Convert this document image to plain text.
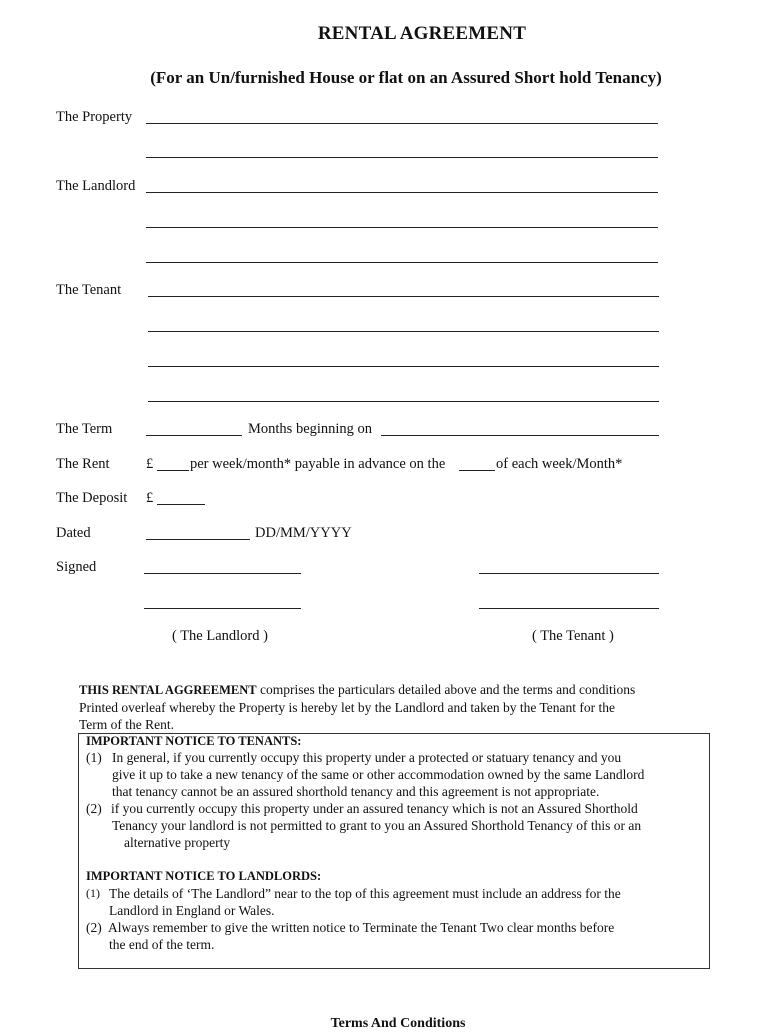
RENTAL AGREEMENT
(For an Un/furnished House or flat on an Assured Short hold Tenancy)
The Property
The Landlord
The Tenant
The Term	Months beginning on
The Rent	£	per week/month* payable in advance on the	of each week/Month*
The Deposit £
Dated	DD/MM/YYYY
Signed
( The Landlord )	( The Tenant )
THIS RENTAL AGGREEMENT comprises the particulars detailed above and the terms and conditions
Printed overleaf whereby the Property is hereby let by the Landlord and taken by the Tenant for the
Term of the Rent.
IMPORTANT NOTICE TO TENANTS:
(1) In general, if you currently occupy this property under a protected or statuary tenancy and you
give it up to take a new tenancy of the same or other accommodation owned by the same Landlord
that tenancy cannot be an assured shorthold tenancy and this agreement is not appropriate.
(2) if you currently occupy this property under an assured tenancy which is not an Assured Shorthold
Tenancy your landlord is not permitted to grant to you an Assured Shorthold Tenancy of this or an
alternative property
IMPORTANT NOTICE TO LANDLORDS:
(1) The details of ‘The Landlord” near to the top of this agreement must include an address for the
Landlord in England or Wales.
(2) Always remember to give the written notice to Terminate the Tenant Two clear months before
the end of the term.
Terms And Conditions
